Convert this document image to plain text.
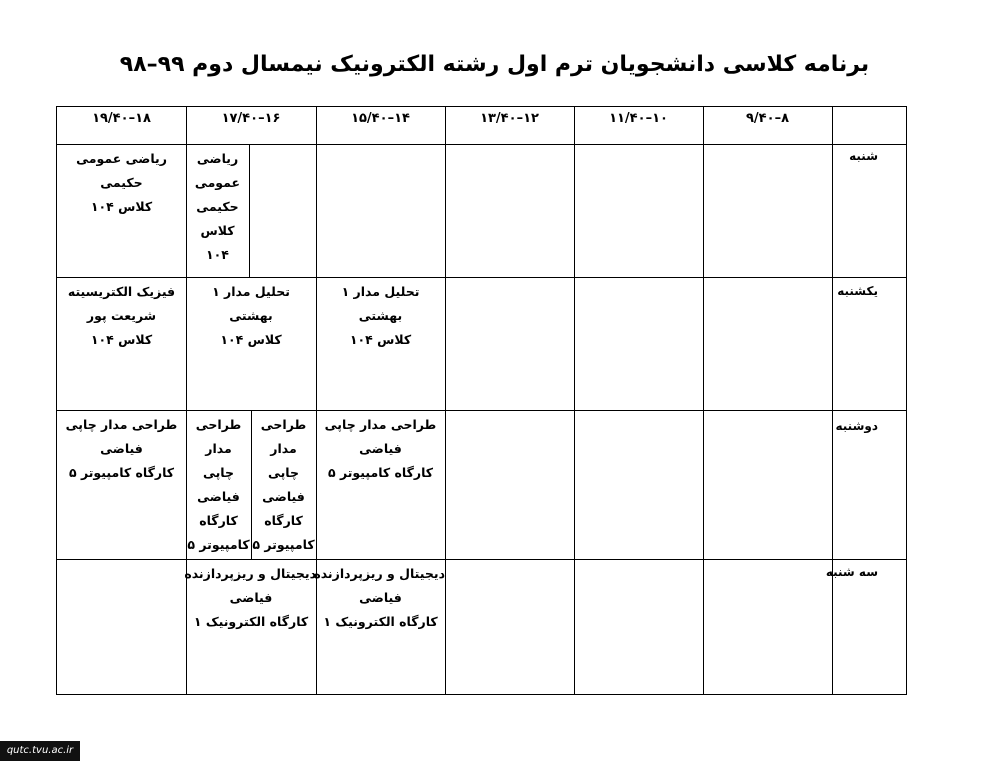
برنامه کلاسی دانشجویان ترم اول رشته الکترونیک نیمسال دوم ۹۹–۹۸
۸–۹/۴۰
۱۰–۱۱/۴۰
۱۲–۱۳/۴۰
۱۴–۱۵/۴۰
۱۶–۱۷/۴۰
۱۸–۱۹/۴۰
شنبه
یکشنبه
دوشنبه
سه شنبه
ریاضی عمومی
حکیمی
کلاس ۱۰۴
ریاضی
عمومی
حکیمی
کلاس
۱۰۴
فیزیک الکتریسیته
شریعت پور
کلاس ۱۰۴
تحلیل مدار ۱
بهشتی
کلاس ۱۰۴
تحلیل مدار ۱
بهشتی
کلاس ۱۰۴
طراحی مدار چاپی
فیاضی
کارگاه کامپیوتر ۵
طراحی
مدار
چاپی
فیاضی
کارگاه
کامپیوتر ۵
طراحی
مدار
چاپی
فیاضی
کارگاه
کامپیوتر ۵
طراحی مدار چاپی
فیاضی
کارگاه کامپیوتر ۵
دیجیتال و ریزپردازنده
فیاضی
کارگاه الکترونیک ۱
دیجیتال و ریزپردازنده
فیاضی
کارگاه الکترونیک ۱
qutc.tvu.ac.ir
